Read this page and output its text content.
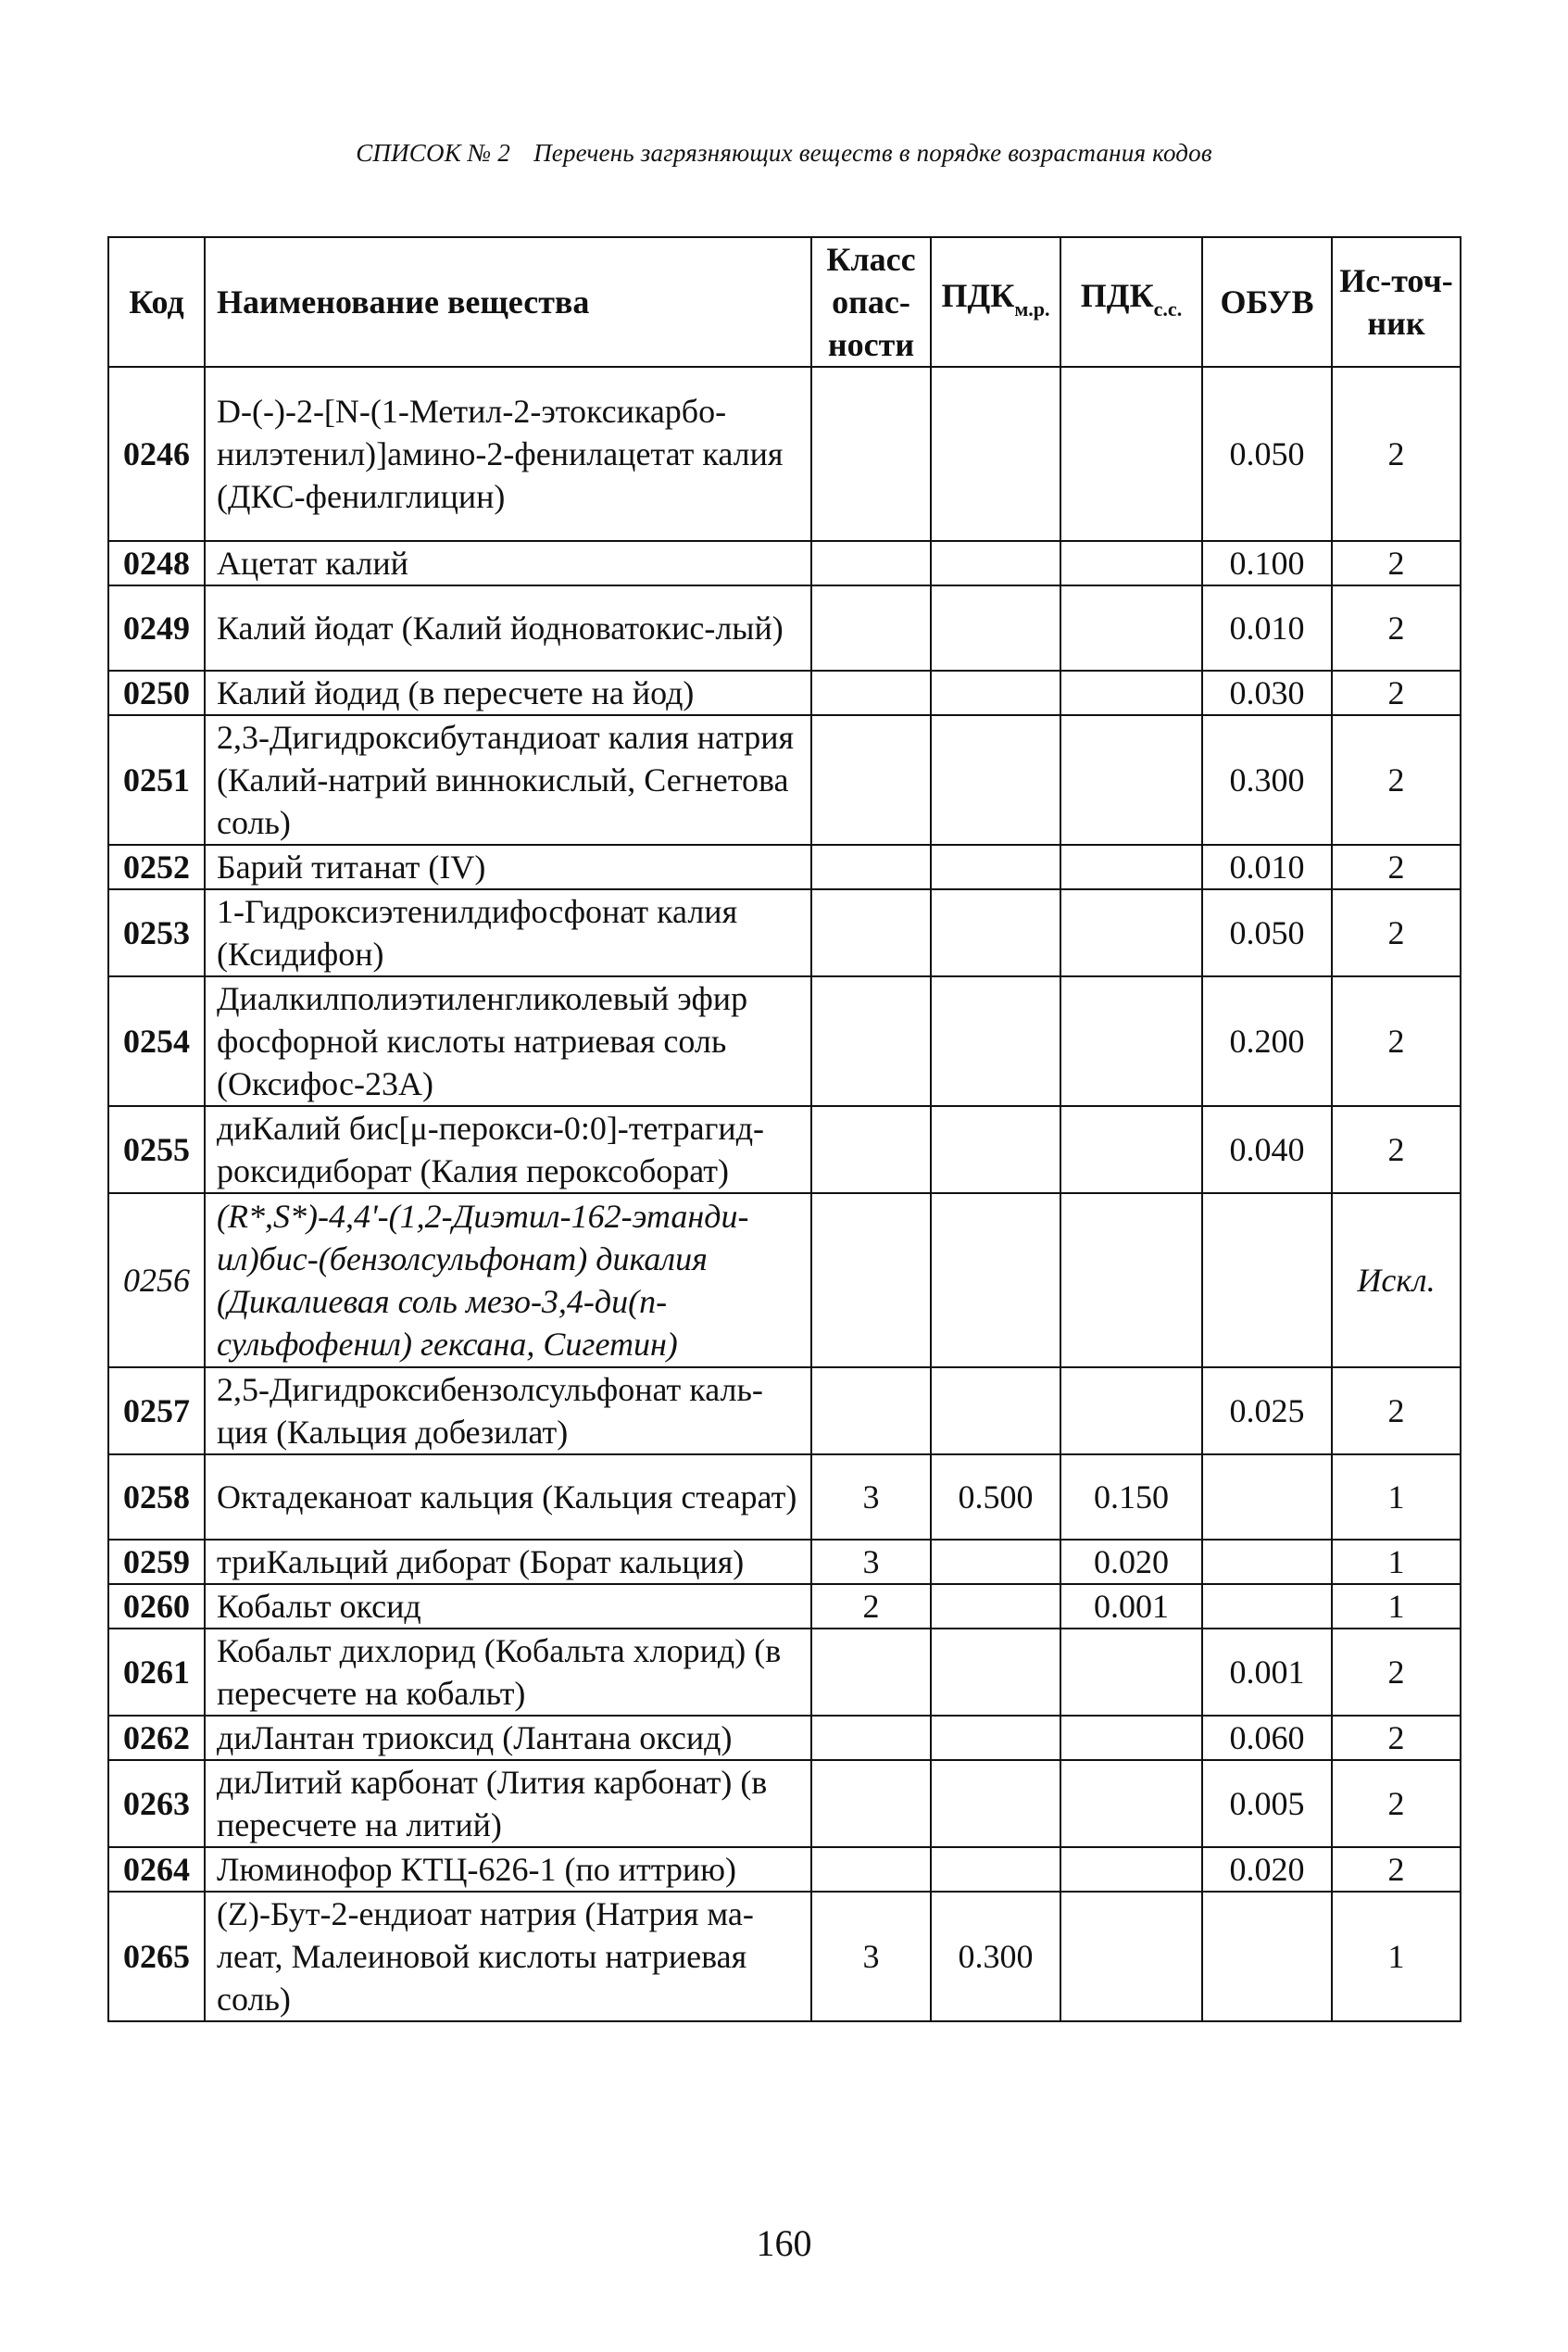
СПИСОК № 2 Перечень загрязняющих веществ в порядке возрастания кодов
Код	Наименование вещества	Класс опас-ности	$ПДК_{м.р.}$	$ПДК_{с.с.}$	ОБУВ	Ис-точ-ник
0246	D-(-)-2-[N-(1-Метил-2-этоксикарбо-нилэтенил)]амино-2-фенилацетат калия (ДКС-фенилглицин)				0.050	2
0248	Ацетат калий				0.100	2
0249	Калий йодат (Калий йодноватокис-лый)				0.010	2
0250	Калий йодид (в пересчете на йод)				0.030	2
0251	2,3-Дигидроксибутандиоат калия натрия (Калий-натрий виннокислый, Сегнетова соль)				0.300	2
0252	Барий титанат (IV)				0.010	2
0253	1-Гидроксиэтенилдифосфонат калия (Ксидифон)				0.050	2
0254	Диалкилполиэтиленгликолевый эфир фосфорной кислоты натриевая соль (Оксифос-23А)				0.200	2
0255	диКалий бис[μ-перокси-0:0]-тетрагид-роксидиборат (Калия пероксоборат)				0.040	2
0256	(R*,S*)-4,4'-(1,2-Диэтил-162-этанди-ил)бис-(бензолсульфонат) дикалия (Дикалиевая соль мезо-3,4-ди(п-сульфофенил) гексана, Сигетин)					Искл.
0257	2,5-Дигидроксибензолсульфонат каль-ция (Кальция добезилат)				0.025	2
0258	Октадеканоат кальция (Кальция стеарат)	3	0.500	0.150		1
0259	триКальций диборат (Борат кальция)	3		0.020		1
0260	Кобальт оксид	2		0.001		1
0261	Кобальт дихлорид (Кобальта хлорид) (в пересчете на кобальт)				0.001	2
0262	диЛантан триоксид (Лантана оксид)				0.060	2
0263	диЛитий карбонат (Лития карбонат) (в пересчете на литий)				0.005	2
0264	Люминофор КТЦ-626-1 (по иттрию)				0.020	2
0265	(Z)-Бут-2-ендиоат натрия (Натрия ма-леат, Малеиновой кислоты натриевая соль)	3	0.300			1
160
